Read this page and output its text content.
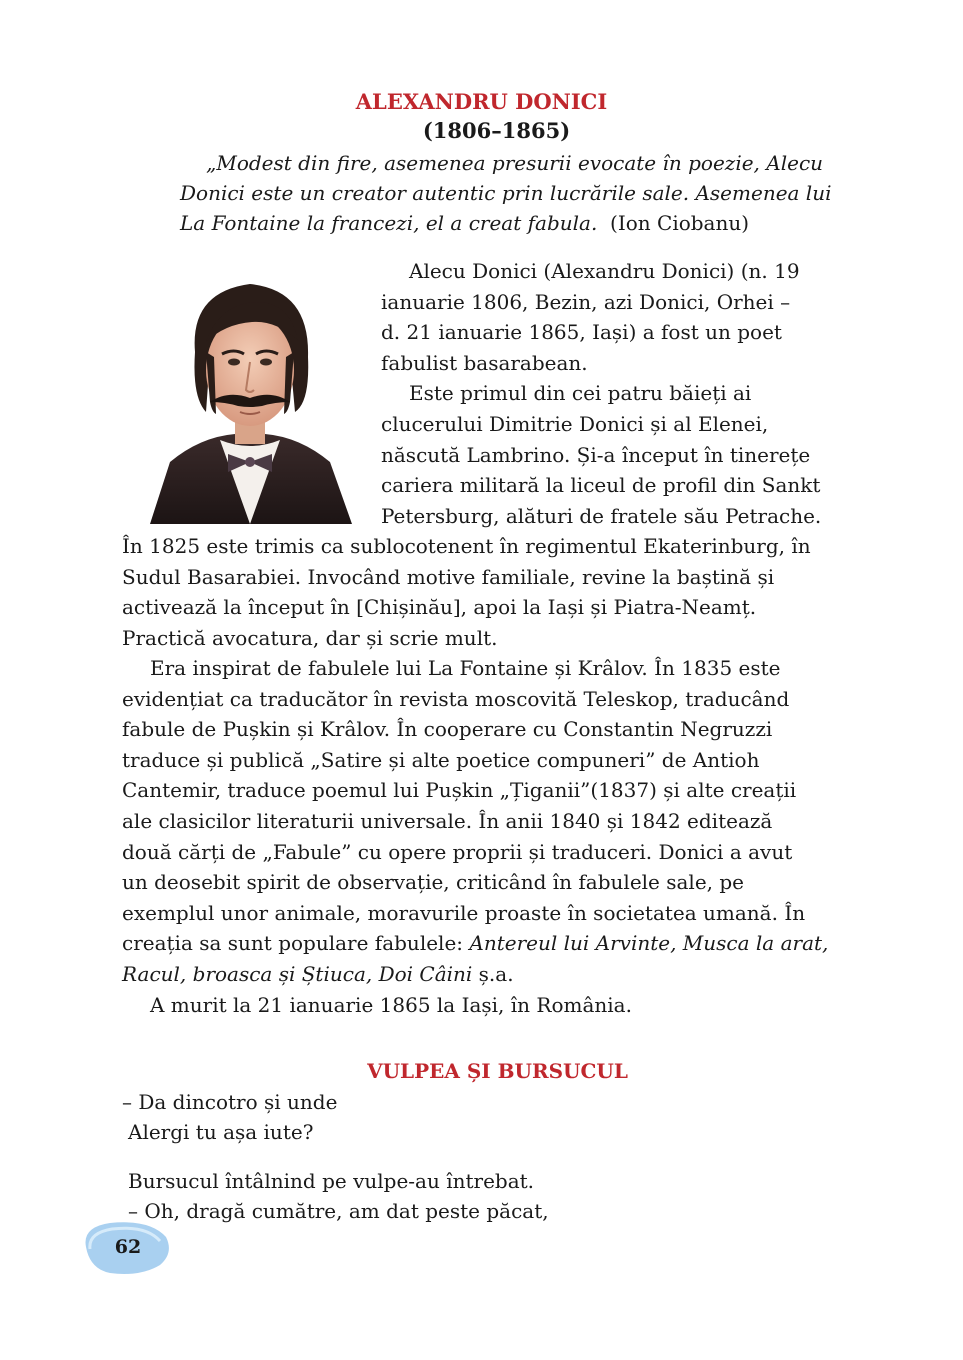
ALEXANDRU DONICI
(1806–1865)
„Modest din fire, asemenea presurii evocate în poezie, Alecu
Donici este un creator autentic prin lucrările sale. Asemenea lui
La Fontaine la francezi, el a creat fabula. (Ion Ciobanu)
Alecu Donici (Alexandru Donici) (n. 19
ianuarie 1806, Bezin, azi Donici, Orhei –
d. 21 ianuarie 1865, Iași) a fost un poet
fabulist basarabean.
Este primul din cei patru băieți ai
clucerului Dimitrie Donici și al Elenei,
născută Lambrino. Și-a început în tinerețe
cariera militară la liceul de profil din Sankt
Petersburg, alături de fratele său Petrache.
În 1825 este trimis ca sublocotenent în regimentul Ekaterinburg, în
Sudul Basarabiei. Invocând motive familiale, revine la baștină și
activează la început în [Chișinău], apoi la Iași și Piatra-Neamț.
Practică avocatura, dar și scrie mult.
Era inspirat de fabulele lui La Fontaine și Krâlov. În 1835 este
evidențiat ca traducător în revista moscovită Teleskop, traducând
fabule de Pușkin și Krâlov. În cooperare cu Constantin Negruzzi
traduce și publică „Satire și alte poetice compuneri” de Antioh
Cantemir, traduce poemul lui Pușkin „Țiganii”(1837) și alte creații
ale clasicilor literaturii universale. În anii 1840 și 1842 editează
două cărți de „Fabule” cu opere proprii și traduceri. Donici a avut
un deosebit spirit de observație, criticând în fabulele sale, pe
exemplul unor animale, moravurile proaste în societatea umană. În
creația sa sunt populare fabulele: Antereul lui Arvinte, Musca la arat,
Racul, broasca și Știuca, Doi Câini ș.a.
A murit la 21 ianuarie 1865 la Iași, în România.
VULPEA ȘI BURSUCUL
– Da dincotro și unde
Alergi tu așa iute?
Bursucul întâlnind pe vulpe-au întrebat.
– Oh, dragă cumătre, am dat peste păcat,
62
